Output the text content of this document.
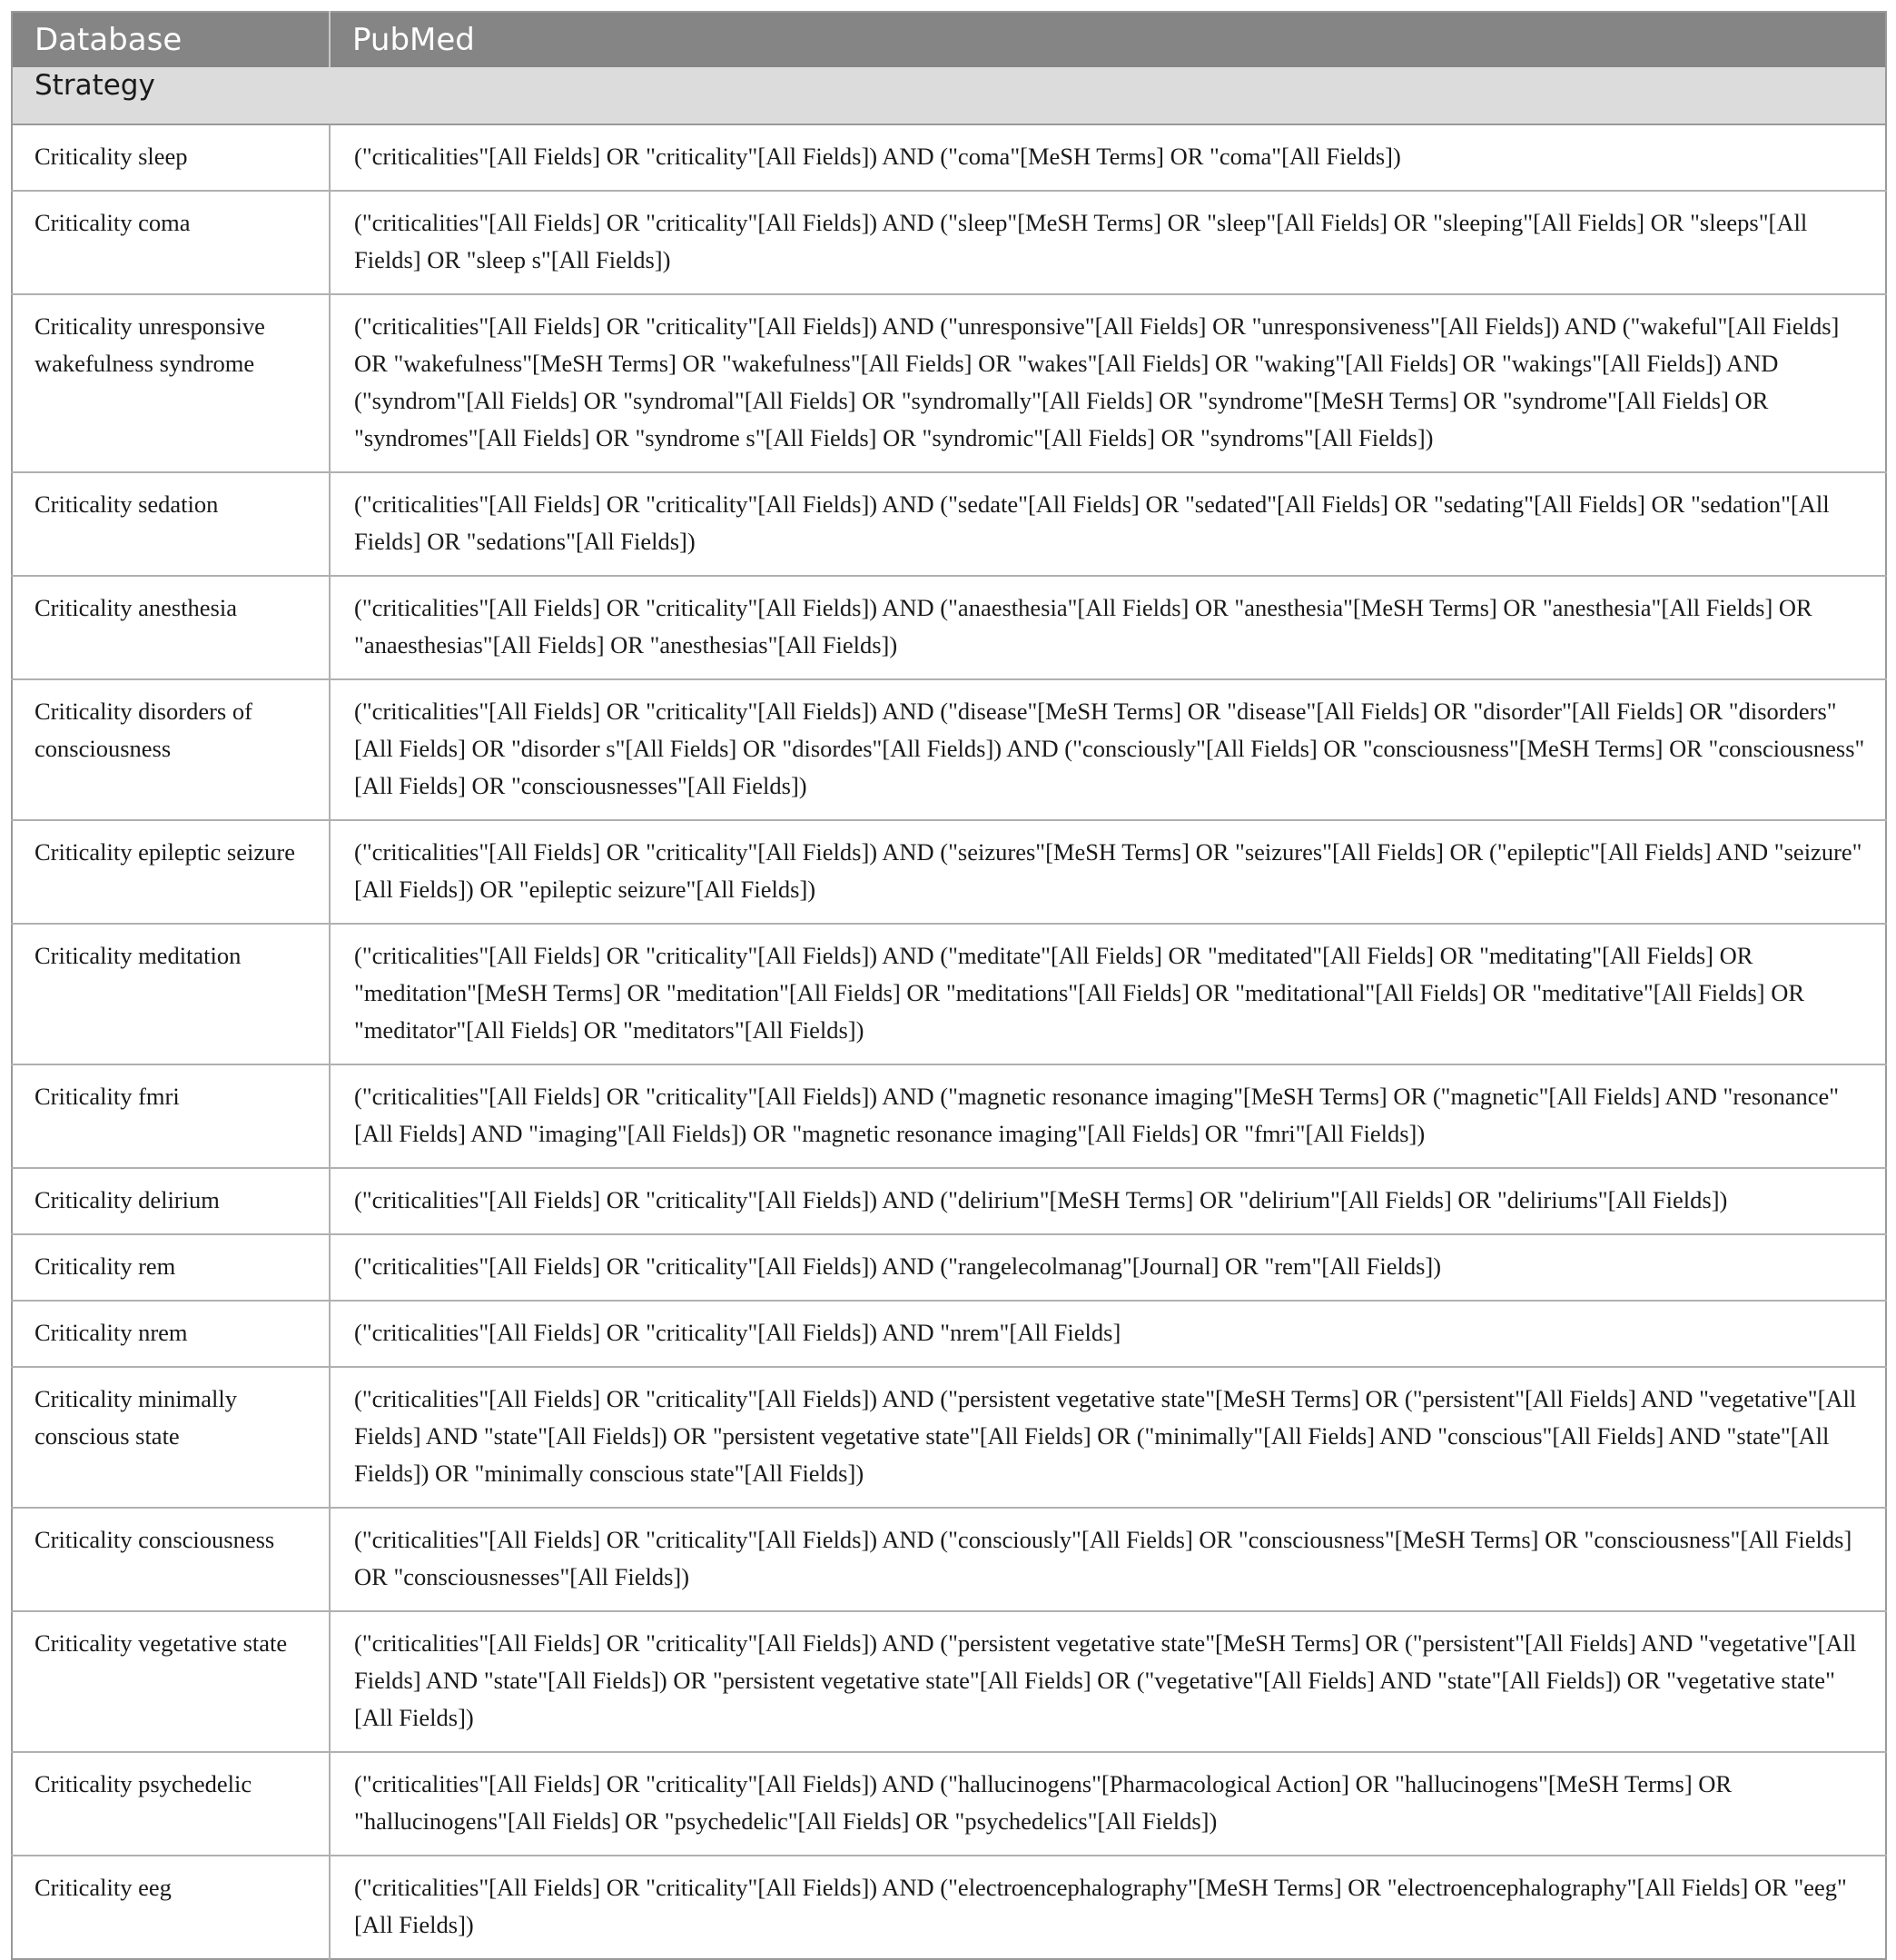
Database	PubMed
Strategy	
Criticality sleep	("criticalities"[All Fields] OR "criticality"[All Fields]) AND ("coma"[MeSH Terms] OR "coma"[All Fields])
Criticality coma	("criticalities"[All Fields] OR "criticality"[All Fields]) AND ("sleep"[MeSH Terms] OR "sleep"[All Fields] OR "sleeping"[All Fields] OR "sleeps"[All Fields] OR "sleep s"[All Fields])
Criticality unresponsive wakefulness syndrome	("criticalities"[All Fields] OR "criticality"[All Fields]) AND ("unresponsive"[All Fields] OR "unresponsiveness"[All Fields]) AND ("wakeful"[All Fields] OR "wakefulness"[MeSH Terms] OR "wakefulness"[All Fields] OR "wakes"[All Fields] OR "waking"[All Fields] OR "wakings"[All Fields]) AND ("syndrom"[All Fields] OR "syndromal"[All Fields] OR "syndromally"[All Fields] OR "syndrome"[MeSH Terms] OR "syndrome"[All Fields] OR "syndromes"[All Fields] OR "syndrome s"[All Fields] OR "syndromic"[All Fields] OR "syndroms"[All Fields])
Criticality sedation	("criticalities"[All Fields] OR "criticality"[All Fields]) AND ("sedate"[All Fields] OR "sedated"[All Fields] OR "sedating"[All Fields] OR "sedation"[All Fields] OR "sedations"[All Fields])
Criticality anesthesia	("criticalities"[All Fields] OR "criticality"[All Fields]) AND ("anaesthesia"[All Fields] OR "anesthesia"[MeSH Terms] OR "anesthesia"[All Fields] OR "anaesthesias"[All Fields] OR "anesthesias"[All Fields])
Criticality disorders of consciousness	("criticalities"[All Fields] OR "criticality"[All Fields]) AND ("disease"[MeSH Terms] OR "disease"[All Fields] OR "disorder"[All Fields] OR "disorders"[All Fields] OR "disorder s"[All Fields] OR "disordes"[All Fields]) AND ("consciously"[All Fields] OR "consciousness"[MeSH Terms] OR "consciousness"[All Fields] OR "consciousnesses"[All Fields])
Criticality epileptic seizure	("criticalities"[All Fields] OR "criticality"[All Fields]) AND ("seizures"[MeSH Terms] OR "seizures"[All Fields] OR ("epileptic"[All Fields] AND "seizure"[All Fields]) OR "epileptic seizure"[All Fields])
Criticality meditation	("criticalities"[All Fields] OR "criticality"[All Fields]) AND ("meditate"[All Fields] OR "meditated"[All Fields] OR "meditating"[All Fields] OR "meditation"[MeSH Terms] OR "meditation"[All Fields] OR "meditations"[All Fields] OR "meditational"[All Fields] OR "meditative"[All Fields] OR "meditator"[All Fields] OR "meditators"[All Fields])
Criticality fmri	("criticalities"[All Fields] OR "criticality"[All Fields]) AND ("magnetic resonance imaging"[MeSH Terms] OR ("magnetic"[All Fields] AND "resonance"[All Fields] AND "imaging"[All Fields]) OR "magnetic resonance imaging"[All Fields] OR "fmri"[All Fields])
Criticality delirium	("criticalities"[All Fields] OR "criticality"[All Fields]) AND ("delirium"[MeSH Terms] OR "delirium"[All Fields] OR "deliriums"[All Fields])
Criticality rem	("criticalities"[All Fields] OR "criticality"[All Fields]) AND ("rangelecolmanag"[Journal] OR "rem"[All Fields])
Criticality nrem	("criticalities"[All Fields] OR "criticality"[All Fields]) AND "nrem"[All Fields]
Criticality minimally conscious state	("criticalities"[All Fields] OR "criticality"[All Fields]) AND ("persistent vegetative state"[MeSH Terms] OR ("persistent"[All Fields] AND "vegetative"[All Fields] AND "state"[All Fields]) OR "persistent vegetative state"[All Fields] OR ("minimally"[All Fields] AND "conscious"[All Fields] AND "state"[All Fields]) OR "minimally conscious state"[All Fields])
Criticality consciousness	("criticalities"[All Fields] OR "criticality"[All Fields]) AND ("consciously"[All Fields] OR "consciousness"[MeSH Terms] OR "consciousness"[All Fields] OR "consciousnesses"[All Fields])
Criticality vegetative state	("criticalities"[All Fields] OR "criticality"[All Fields]) AND ("persistent vegetative state"[MeSH Terms] OR ("persistent"[All Fields] AND "vegetative"[All Fields] AND "state"[All Fields]) OR "persistent vegetative state"[All Fields] OR ("vegetative"[All Fields] AND "state"[All Fields]) OR "vegetative state"[All Fields])
Criticality psychedelic	("criticalities"[All Fields] OR "criticality"[All Fields]) AND ("hallucinogens"[Pharmacological Action] OR "hallucinogens"[MeSH Terms] OR "hallucinogens"[All Fields] OR "psychedelic"[All Fields] OR "psychedelics"[All Fields])
Criticality eeg	("criticalities"[All Fields] OR "criticality"[All Fields]) AND ("electroencephalography"[MeSH Terms] OR "electroencephalography"[All Fields] OR "eeg"[All Fields])
